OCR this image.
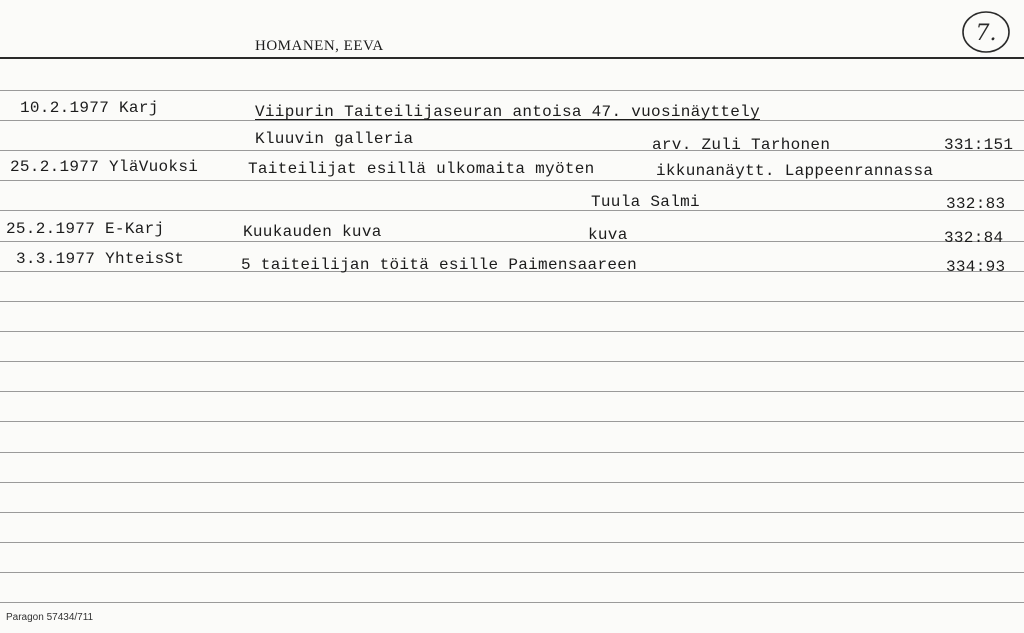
HOMANEN, EEVA	7.
10.2.1977 Karj	Viipurin Taiteilijaseuran antoisa 47. vuosinäyttely
Kluuvin galleria	arv. Zuli Tarhonen	331:151
25.2.1977 YläVuoksi	Taiteilijat esillä ulkomaita myöten	ikkunanäytt. Lappeenrannassa
Tuula Salmi	332:83
25.2.1977 E-Karj	Kuukauden kuva	kuva	332:84
3.3.1977 YhteisSt	5 taiteilijan töitä esille Paimensaareen	334:93
Paragon 57434/711
